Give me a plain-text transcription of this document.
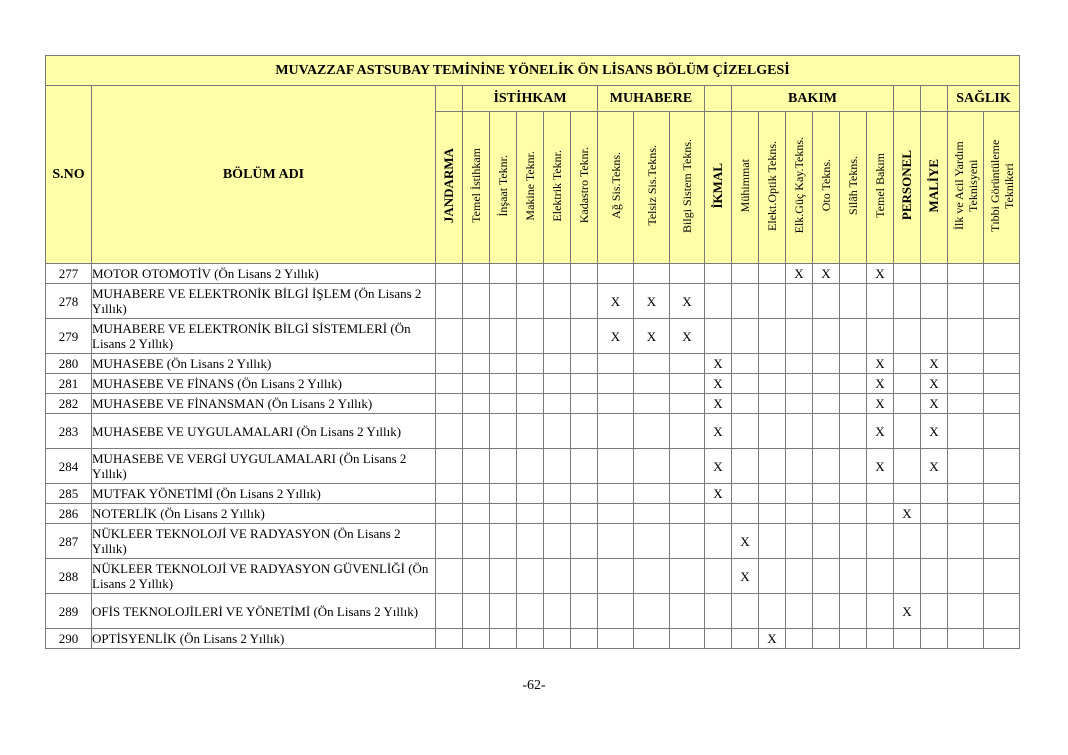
MUVAZZAF ASTSUBAY TEMİNİNE YÖNELİK ÖN LİSANS BÖLÜM ÇİZELGESİ																					
S.NO	BÖLÜM ADI		İSTİHKAM					MUHABERE				BAKIM								SAĞLIK	
		JANDARMA	Temel İstihkam	İnşaat Teknr.	Makine Teknr.	Elektrik Teknr.	Kadastro Teknr.	Ağ Sis.Tekns.	Telsiz Sis.Tekns.	Bilgi Sistem Tekns.	İKMAL	Mühimmat	Elekt.Optik Tekns.	Elk.Güç Kay.Tekns.	Oto Tekns.	Silâh Tekns.	Temel Bakım	PERSONEL	MALİYE	İlk ve Acil Yardım Teknisyeni	Tıbbi Görüntüleme Teknikeri
277	MOTOR OTOMOTİV (Ön Lisans 2 Yıllık)													X	X		X				
278	MUHABERE VE ELEKTRONİK BİLGİ İŞLEM (Ön Lisans 2 Yıllık)							X	X	X											
279	MUHABERE VE ELEKTRONİK BİLGİ SİSTEMLERİ (Ön Lisans 2 Yıllık)							X	X	X											
280	MUHASEBE (Ön Lisans 2 Yıllık)										X						X		X		
281	MUHASEBE VE FİNANS (Ön Lisans 2 Yıllık)										X						X		X		
282	MUHASEBE VE FİNANSMAN (Ön Lisans 2 Yıllık)										X						X		X		
283	MUHASEBE VE UYGULAMALARI (Ön Lisans 2 Yıllık)										X						X		X		
284	MUHASEBE VE VERGİ UYGULAMALARI (Ön Lisans 2 Yıllık)										X						X		X		
285	MUTFAK YÖNETİMİ (Ön Lisans 2 Yıllık)										X										
286	NOTERLİK (Ön Lisans 2 Yıllık)																	X			
287	NÜKLEER TEKNOLOJİ VE RADYASYON (Ön Lisans 2 Yıllık)											X									
288	NÜKLEER TEKNOLOJİ VE RADYASYON GÜVENLİĞİ (Ön Lisans 2 Yıllık)											X									
289	OFİS TEKNOLOJİLERİ VE YÖNETİMİ (Ön Lisans 2 Yıllık)																	X			
290	OPTİSYENLİK (Ön Lisans 2 Yıllık)												X								
-62-
